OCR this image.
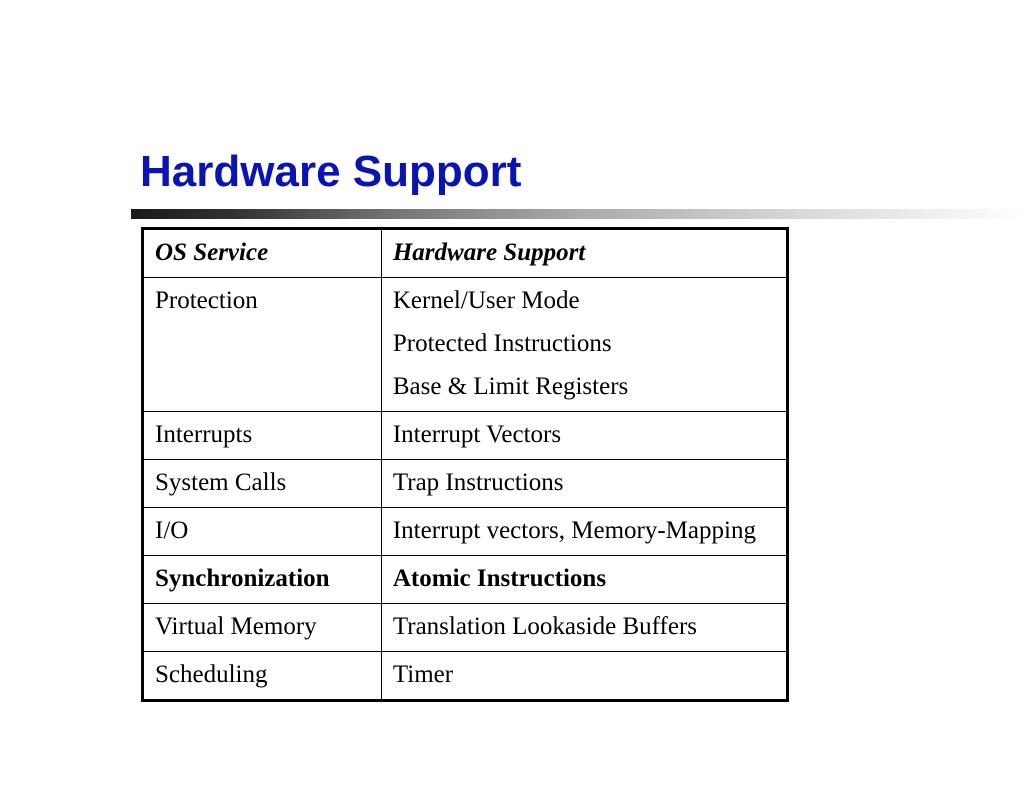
Hardware Support
OS Service	Hardware Support
Protection	Kernel/User Mode
Protected Instructions
Base & Limit Registers

Interrupts	Interrupt Vectors

System Calls	Trap Instructions

I/O	Interrupt vectors, Memory-Mapping

Synchronization	Atomic Instructions

Virtual Memory	Translation Lookaside Buffers

Scheduling	Timer
